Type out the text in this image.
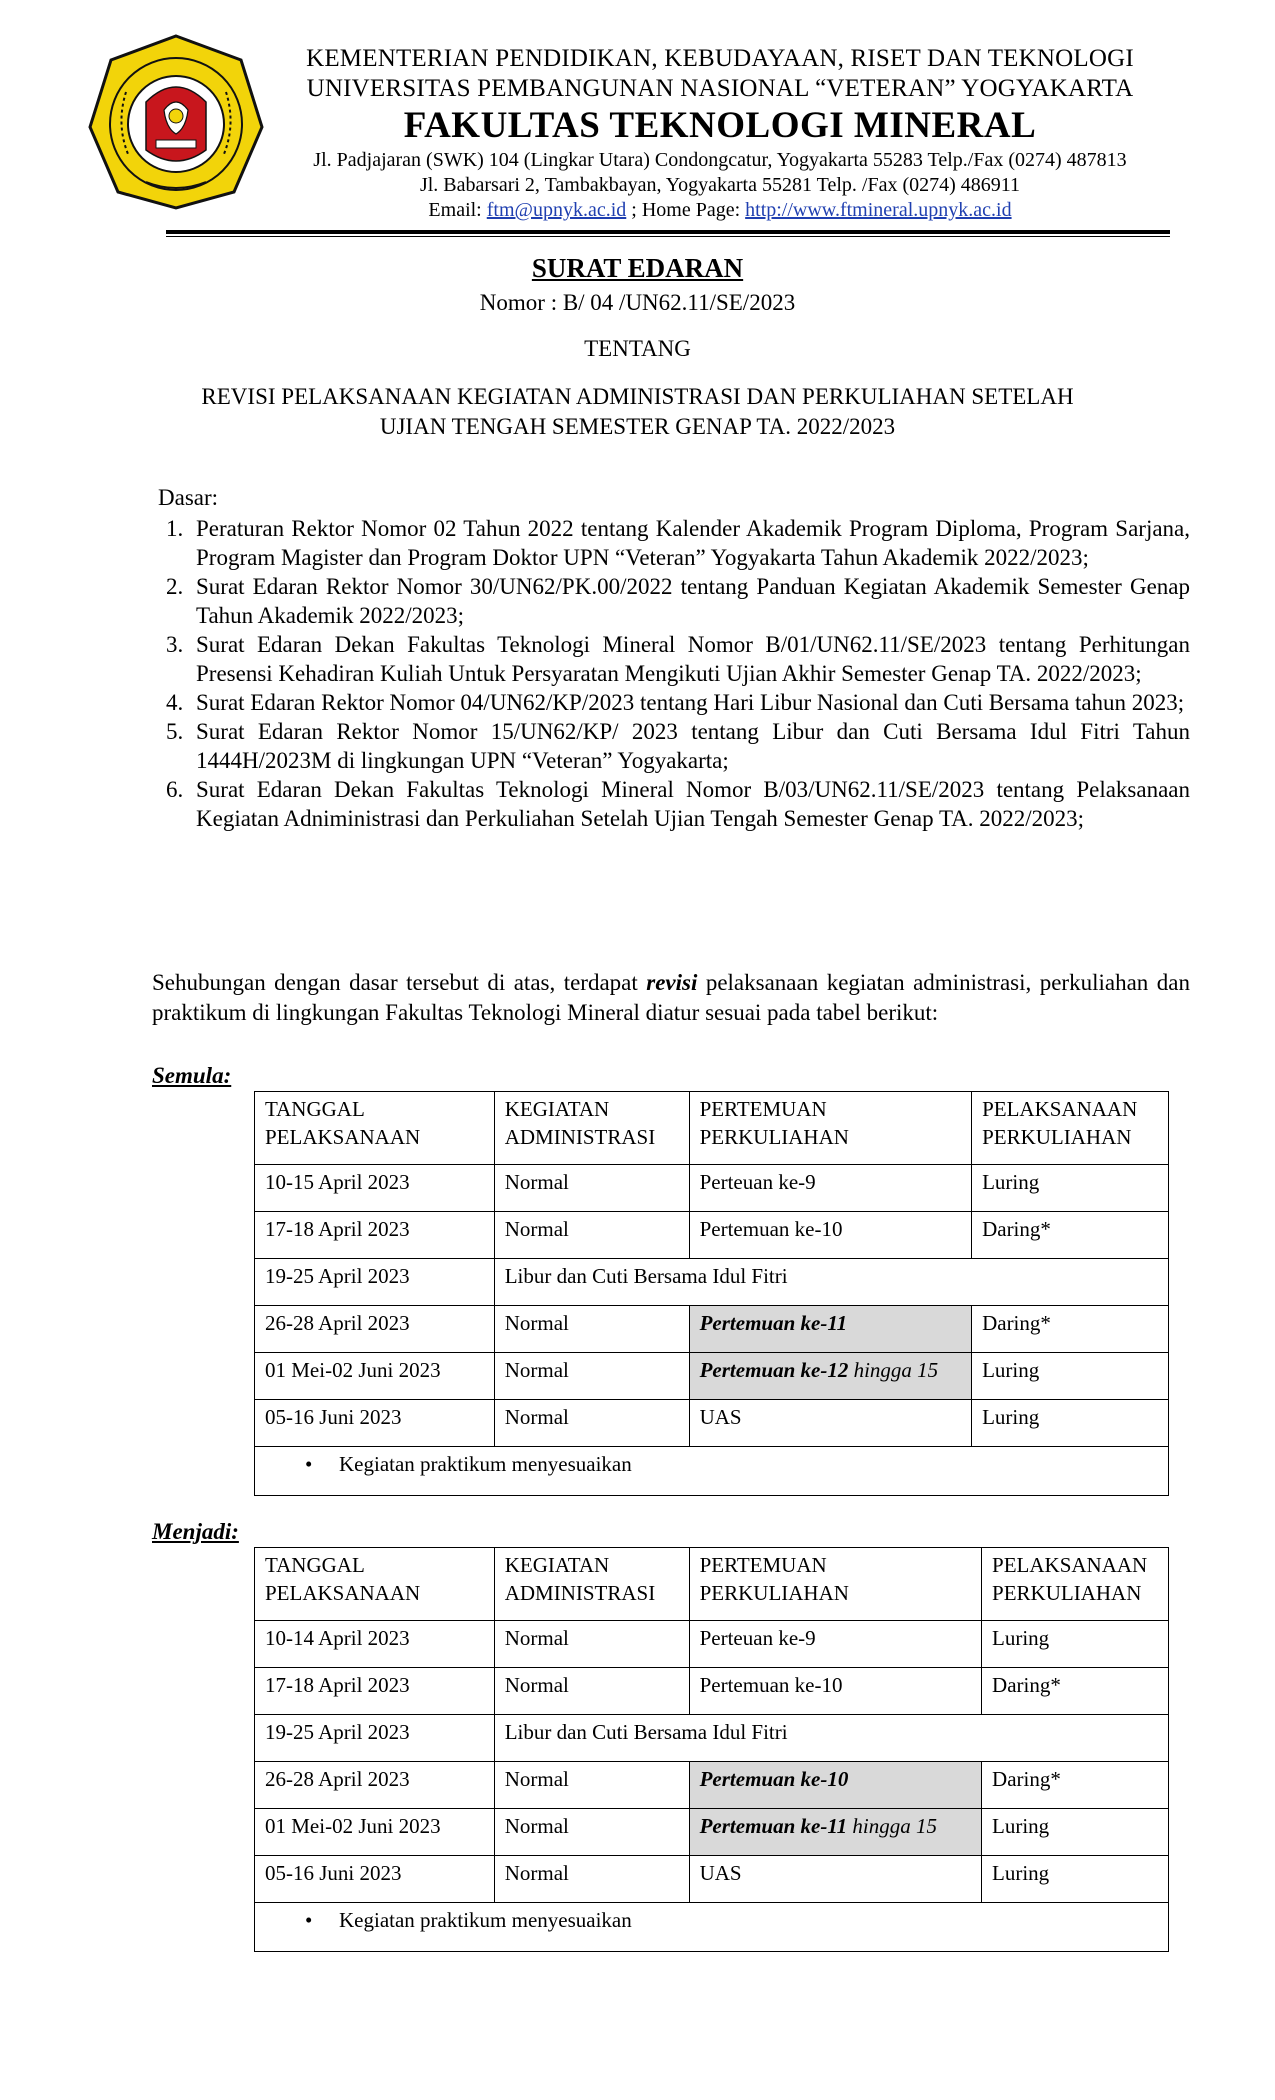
KEMENTERIAN PENDIDIKAN, KEBUDAYAAN, RISET DAN TEKNOLOGI
UNIVERSITAS PEMBANGUNAN NASIONAL “VETERAN” YOGYAKARTA
FAKULTAS TEKNOLOGI MINERAL
Jl. Padjajaran (SWK) 104 (Lingkar Utara) Condongcatur, Yogyakarta 55283 Telp./Fax (0274) 487813
Jl. Babarsari 2, Tambakbayan, Yogyakarta 55281 Telp. /Fax (0274) 486911
Email: ftm@upnyk.ac.id ; Home Page: http://www.ftmineral.upnyk.ac.id
SURAT EDARAN
Nomor : B/ 04 /UN62.11/SE/2023
TENTANG
REVISI PELAKSANAAN KEGIATAN ADMINISTRASI DAN PERKULIAHAN SETELAH
UJIAN TENGAH SEMESTER GENAP TA. 2022/2023
Dasar:
1. Peraturan Rektor Nomor 02 Tahun 2022 tentang Kalender Akademik Program Diploma, Program Sarjana, Program Magister dan Program Doktor UPN “Veteran” Yogyakarta Tahun Akademik 2022/2023;
2. Surat Edaran Rektor Nomor 30/UN62/PK.00/2022 tentang Panduan Kegiatan Akademik Semester Genap Tahun Akademik 2022/2023;
3. Surat Edaran Dekan Fakultas Teknologi Mineral Nomor B/01/UN62.11/SE/2023 tentang Perhitungan Presensi Kehadiran Kuliah Untuk Persyaratan Mengikuti Ujian Akhir Semester Genap TA. 2022/2023;
4. Surat Edaran Rektor Nomor 04/UN62/KP/2023 tentang Hari Libur Nasional dan Cuti Bersama tahun 2023;
5. Surat Edaran Rektor Nomor 15/UN62/KP/ 2023 tentang Libur dan Cuti Bersama Idul Fitri Tahun 1444H/2023M di lingkungan UPN “Veteran” Yogyakarta;
6. Surat Edaran Dekan Fakultas Teknologi Mineral Nomor B/03/UN62.11/SE/2023 tentang Pelaksanaan Kegiatan Adniministrasi dan Perkuliahan Setelah Ujian Tengah Semester Genap TA. 2022/2023;
Sehubungan dengan dasar tersebut di atas, terdapat revisi pelaksanaan kegiatan administrasi, perkuliahan dan praktikum di lingkungan Fakultas Teknologi Mineral diatur sesuai pada tabel berikut:
Semula:
TANGGAL PELAKSANAAN	KEGIATAN ADMINISTRASI	PERTEMUAN PERKULIAHAN	PELAKSANAAN PERKULIAHAN
10-15 April 2023	Normal	Perteuan ke-9	Luring
17-18 April 2023	Normal	Pertemuan ke-10	Daring*
19-25 April 2023	Libur dan Cuti Bersama Idul Fitri		
26-28 April 2023	Normal	Pertemuan ke-11	Daring*
01 Mei-02 Juni 2023	Normal	Pertemuan ke-12 hingga 15	Luring
05-16 Juni 2023	Normal	UAS	Luring
• Kegiatan praktikum menyesuaikan			
Menjadi:
TANGGAL PELAKSANAAN	KEGIATAN ADMINISTRASI	PERTEMUAN PERKULIAHAN	PELAKSANAAN PERKULIAHAN
10-14 April 2023	Normal	Perteuan ke-9	Luring
17-18 April 2023	Normal	Pertemuan ke-10	Daring*
19-25 April 2023	Libur dan Cuti Bersama Idul Fitri		
26-28 April 2023	Normal	Pertemuan ke-10	Daring*
01 Mei-02 Juni 2023	Normal	Pertemuan ke-11 hingga 15	Luring
05-16 Juni 2023	Normal	UAS	Luring
• Kegiatan praktikum menyesuaikan			
